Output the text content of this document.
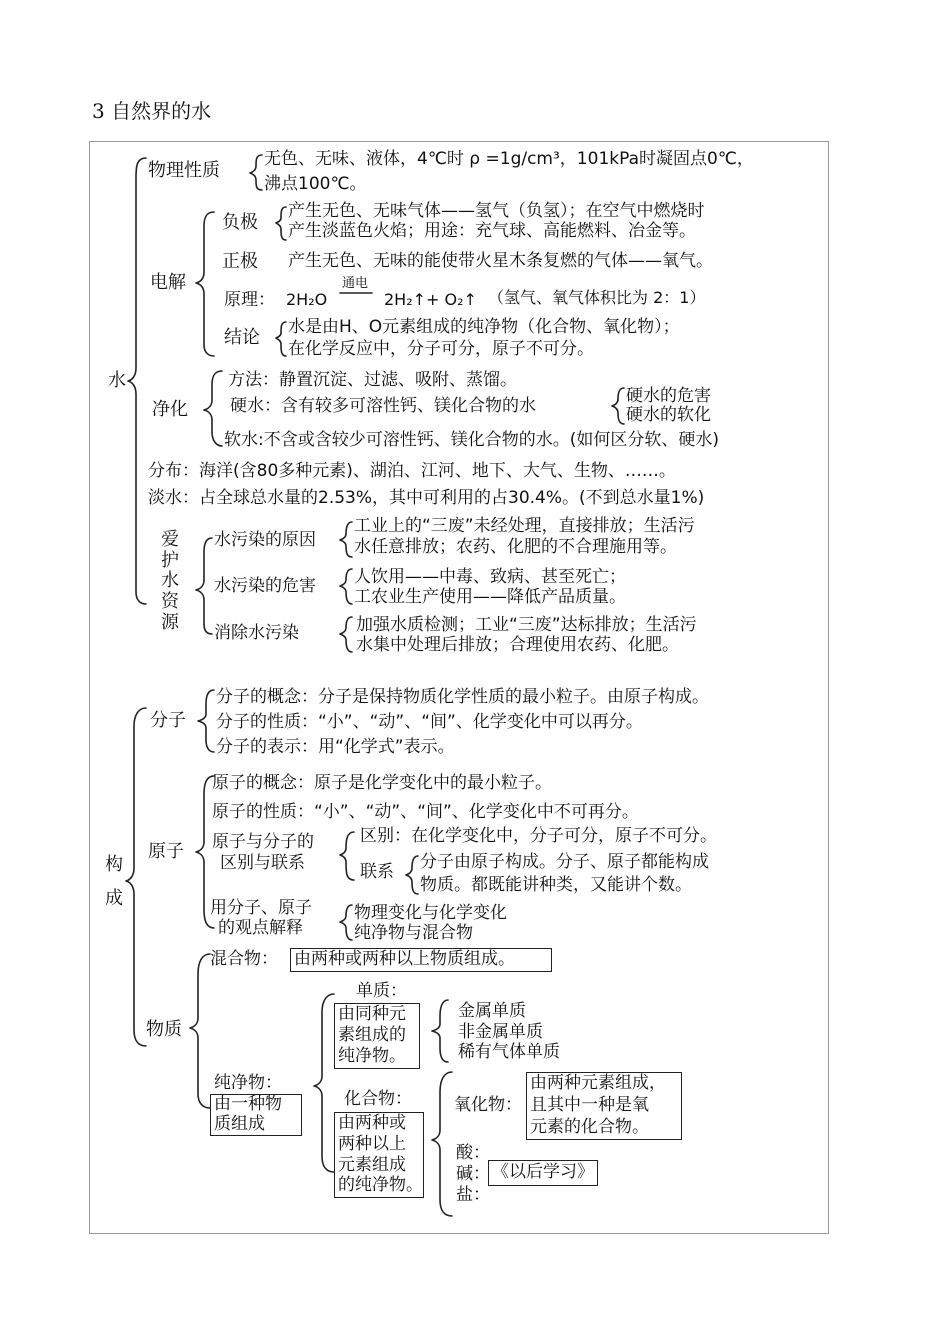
3 自然界的水
水
物理性质
无色、无味、液体，4℃时 ρ =1g/cm³，101kPa时凝固点0℃，
沸点100℃。
电解
负极
产生无色、无味气体——氢气（负氢）；在空气中燃烧时
产生淡蓝色火焰；用途：充气球、高能燃料、冶金等。
正极 产生无色、无味的能使带火星木条复燃的气体——氧气。
原理： 2H₂O
通电
2H₂↑+ O₂↑ （氢气、氧气体积比为 2：1）
结论 水是由H、O元素组成的纯净物（化合物、氧化物）；
在化学反应中，分子可分，原子不可分。
净化
方法：静置沉淀、过滤、吸附、蒸馏。
硬水：含有较多可溶性钙、镁化合物的水	硬水的危害
硬水的软化
软水:不含或含较少可溶性钙、镁化合物的水。(如何区分软、硬水)
分布：海洋(含80多种元素)、湖泊、江河、地下、大气、生物、……。
淡水：占全球总水量的2.53%，其中可利用的占30.4%。(不到总水量1%)
爱护水资源
水污染的原因
工业上的“三废”未经处理，直接排放；生活污
水任意排放；农药、化肥的不合理施用等。
水污染的危害 人饮用——中毒、致病、甚至死亡；
工农业生产使用——降低产品质量。
消除水污染	加强水质检测；工业“三废”达标排放；生活污
水集中处理后排放；合理使用农药、化肥。
构成
分子
分子的概念：分子是保持物质化学性质的最小粒子。由原子构成。
分子的性质：“小”、“动”、“间”、化学变化中可以再分。
分子的表示：用“化学式”表示。
原子
原子的概念：原子是化学变化中的最小粒子。
原子的性质：“小”、“动”、“间”、化学变化中不可再分。
原子与分子的
区别与联系
区别：在化学变化中，分子可分，原子不可分。
联系 分子由原子构成。分子、原子都能构成
物质。都既能讲种类，又能讲个数。
用分子、原子
的观点解释
物理变化与化学变化
纯净物与混合物
物质
混合物： 由两种或两种以上物质组成。
纯净物：
由一种物
质组成
单质：
由同种元
素组成的
纯净物。
金属单质
非金属单质
稀有气体单质
化合物：
由两种或
两种以上
元素组成
的纯净物。
氧化物：
由两种元素组成，
且其中一种是氧
元素的化合物。
酸：
碱：
盐：
《以后学习》
